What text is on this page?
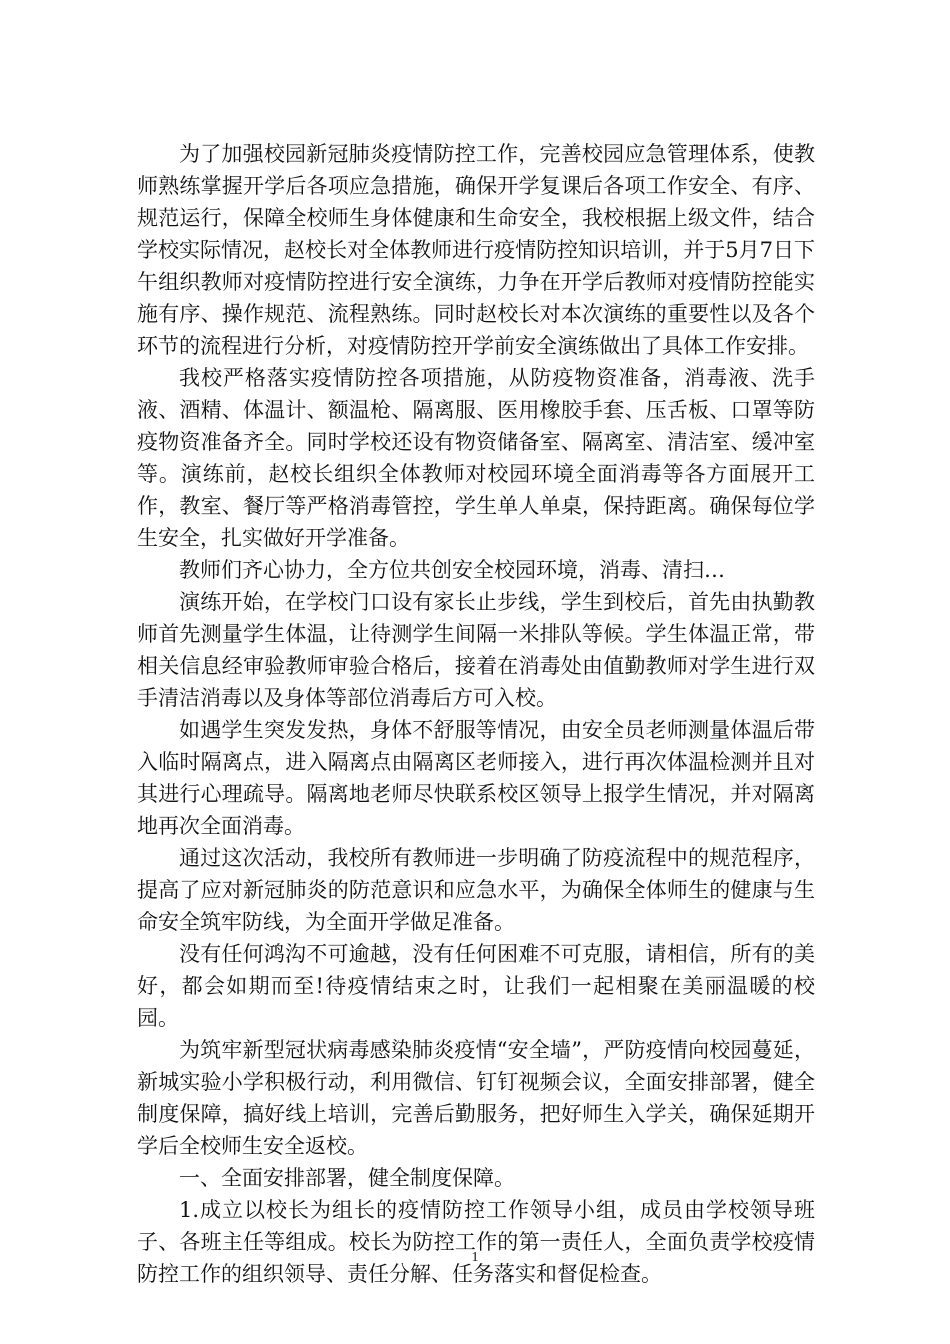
为了加强校园新冠肺炎疫情防控工作，完善校园应急管理体系，使教师熟练掌握开学后各项应急措施，确保开学复课后各项工作安全、有序、规范运行，保障全校师生身体健康和生命安全，我校根据上级文件，结合学校实际情况，赵校长对全体教师进行疫情防控知识培训，并于5月7日下午组织教师对疫情防控进行安全演练，力争在开学后教师对疫情防控能实施有序、操作规范、流程熟练。同时赵校长对本次演练的重要性以及各个环节的流程进行分析，对疫情防控开学前安全演练做出了具体工作安排。

我校严格落实疫情防控各项措施，从防疫物资准备，消毒液、洗手液、酒精、体温计、额温枪、隔离服、医用橡胶手套、压舌板、口罩等防疫物资准备齐全。同时学校还设有物资储备室、隔离室、清洁室、缓冲室等。演练前，赵校长组织全体教师对校园环境全面消毒等各方面展开工作，教室、餐厅等严格消毒管控，学生单人单桌，保持距离。确保每位学生安全，扎实做好开学准备。

教师们齐心协力，全方位共创安全校园环境，消毒、清扫…

演练开始，在学校门口设有家长止步线，学生到校后，首先由执勤教师首先测量学生体温，让待测学生间隔一米排队等候。学生体温正常，带相关信息经审验教师审验合格后，接着在消毒处由值勤教师对学生进行双手清洁消毒以及身体等部位消毒后方可入校。

如遇学生突发发热，身体不舒服等情况，由安全员老师测量体温后带入临时隔离点，进入隔离点由隔离区老师接入，进行再次体温检测并且对其进行心理疏导。隔离地老师尽快联系校区领导上报学生情况，并对隔离地再次全面消毒。

通过这次活动，我校所有教师进一步明确了防疫流程中的规范程序，提高了应对新冠肺炎的防范意识和应急水平，为确保全体师生的健康与生命安全筑牢防线，为全面开学做足准备。

没有任何鸿沟不可逾越，没有任何困难不可克服，请相信，所有的美好，都会如期而至!待疫情结束之时，让我们一起相聚在美丽温暖的校园。

为筑牢新型冠状病毒感染肺炎疫情“安全墙”，严防疫情向校园蔓延，新城实验小学积极行动，利用微信、钉钉视频会议，全面安排部署，健全制度保障，搞好线上培训，完善后勤服务，把好师生入学关，确保延期开学后全校师生安全返校。

一、全面安排部署，健全制度保障。

1.成立以校长为组长的疫情防控工作领导小组，成员由学校领导班子、各班主任等组成。校长为防控工作的第一责任人，全面负责学校疫情防控工作的组织领导、责任分解、任务落实和督促检查。

1
